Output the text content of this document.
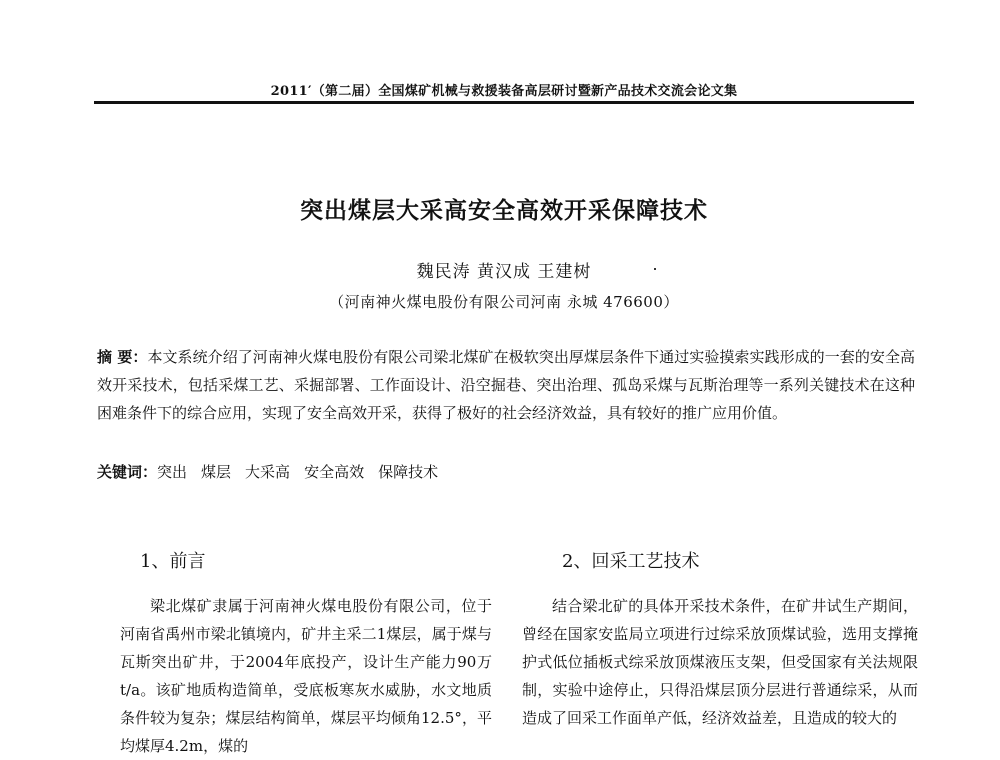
2011′（第二届）全国煤矿机械与救援装备高层研讨暨新产品技术交流会论文集
突出煤层大采高安全高效开采保障技术
魏民涛 黄汉成 王建树
（河南神火煤电股份有限公司河南 永城 476600）
摘 要：本文系统介绍了河南神火煤电股份有限公司梁北煤矿在极软突出厚煤层条件下通过实验摸索实践形成的一套的安全高效开采技术，包括采煤工艺、采掘部署、工作面设计、沿空掘巷、突出治理、孤岛采煤与瓦斯治理等一系列关键技术在这种困难条件下的综合应用，实现了安全高效开采，获得了极好的社会经济效益，具有较好的推广应用价值。
关键词：突出 煤层 大采高 安全高效 保障技术
1、前言

梁北煤矿隶属于河南神火煤电股份有限公司，位于河南省禹州市梁北镇境内，矿井主采二1煤层，属于煤与瓦斯突出矿井，于2004年底投产，设计生产能力90万t/a。该矿地质构造简单，受底板寒灰水威胁，水文地质条件较为复杂；煤层结构简单，煤层平均倾角12.5°，平均煤厚4.2m，煤的

2、回采工艺技术

结合梁北矿的具体开采技术条件，在矿井试生产期间，曾经在国家安监局立项进行过综采放顶煤试验，选用支撑掩护式低位插板式综采放顶煤液压支架，但受国家有关法规限制，实验中途停止，只得沿煤层顶分层进行普通综采，从而造成了回采工作面单产低，经济效益差，且造成的较大的
